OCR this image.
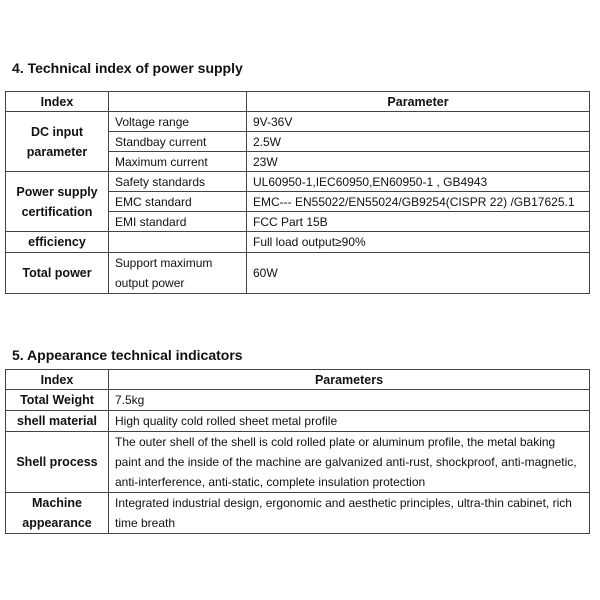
4. Technical index of power supply
Index		Parameter
DC input parameter	Voltage range	9V-36V
	Standbay current	2.5W
	Maximum current	23W
Power supply certification	Safety standards	UL60950-1,IEC60950,EN60950-1 , GB4943
	EMC standard	EMC--- EN55022/EN55024/GB9254(CISPR 22) /GB17625.1
	EMI standard	FCC Part 15B
efficiency		Full load output≥90%
Total power	Support maximum output power	60W
5. Appearance technical indicators
Index	Parameters
Total Weight	7.5kg
shell material	High quality cold rolled sheet metal profile
Shell process	The outer shell of the shell is cold rolled plate or aluminum profile, the metal baking paint and the inside of the machine are galvanized anti-rust, shockproof, anti-magnetic, anti-interference, anti-static, complete insulation protection
Machine appearance	Integrated industrial design, ergonomic and aesthetic principles, ultra-thin cabinet, rich time breath
